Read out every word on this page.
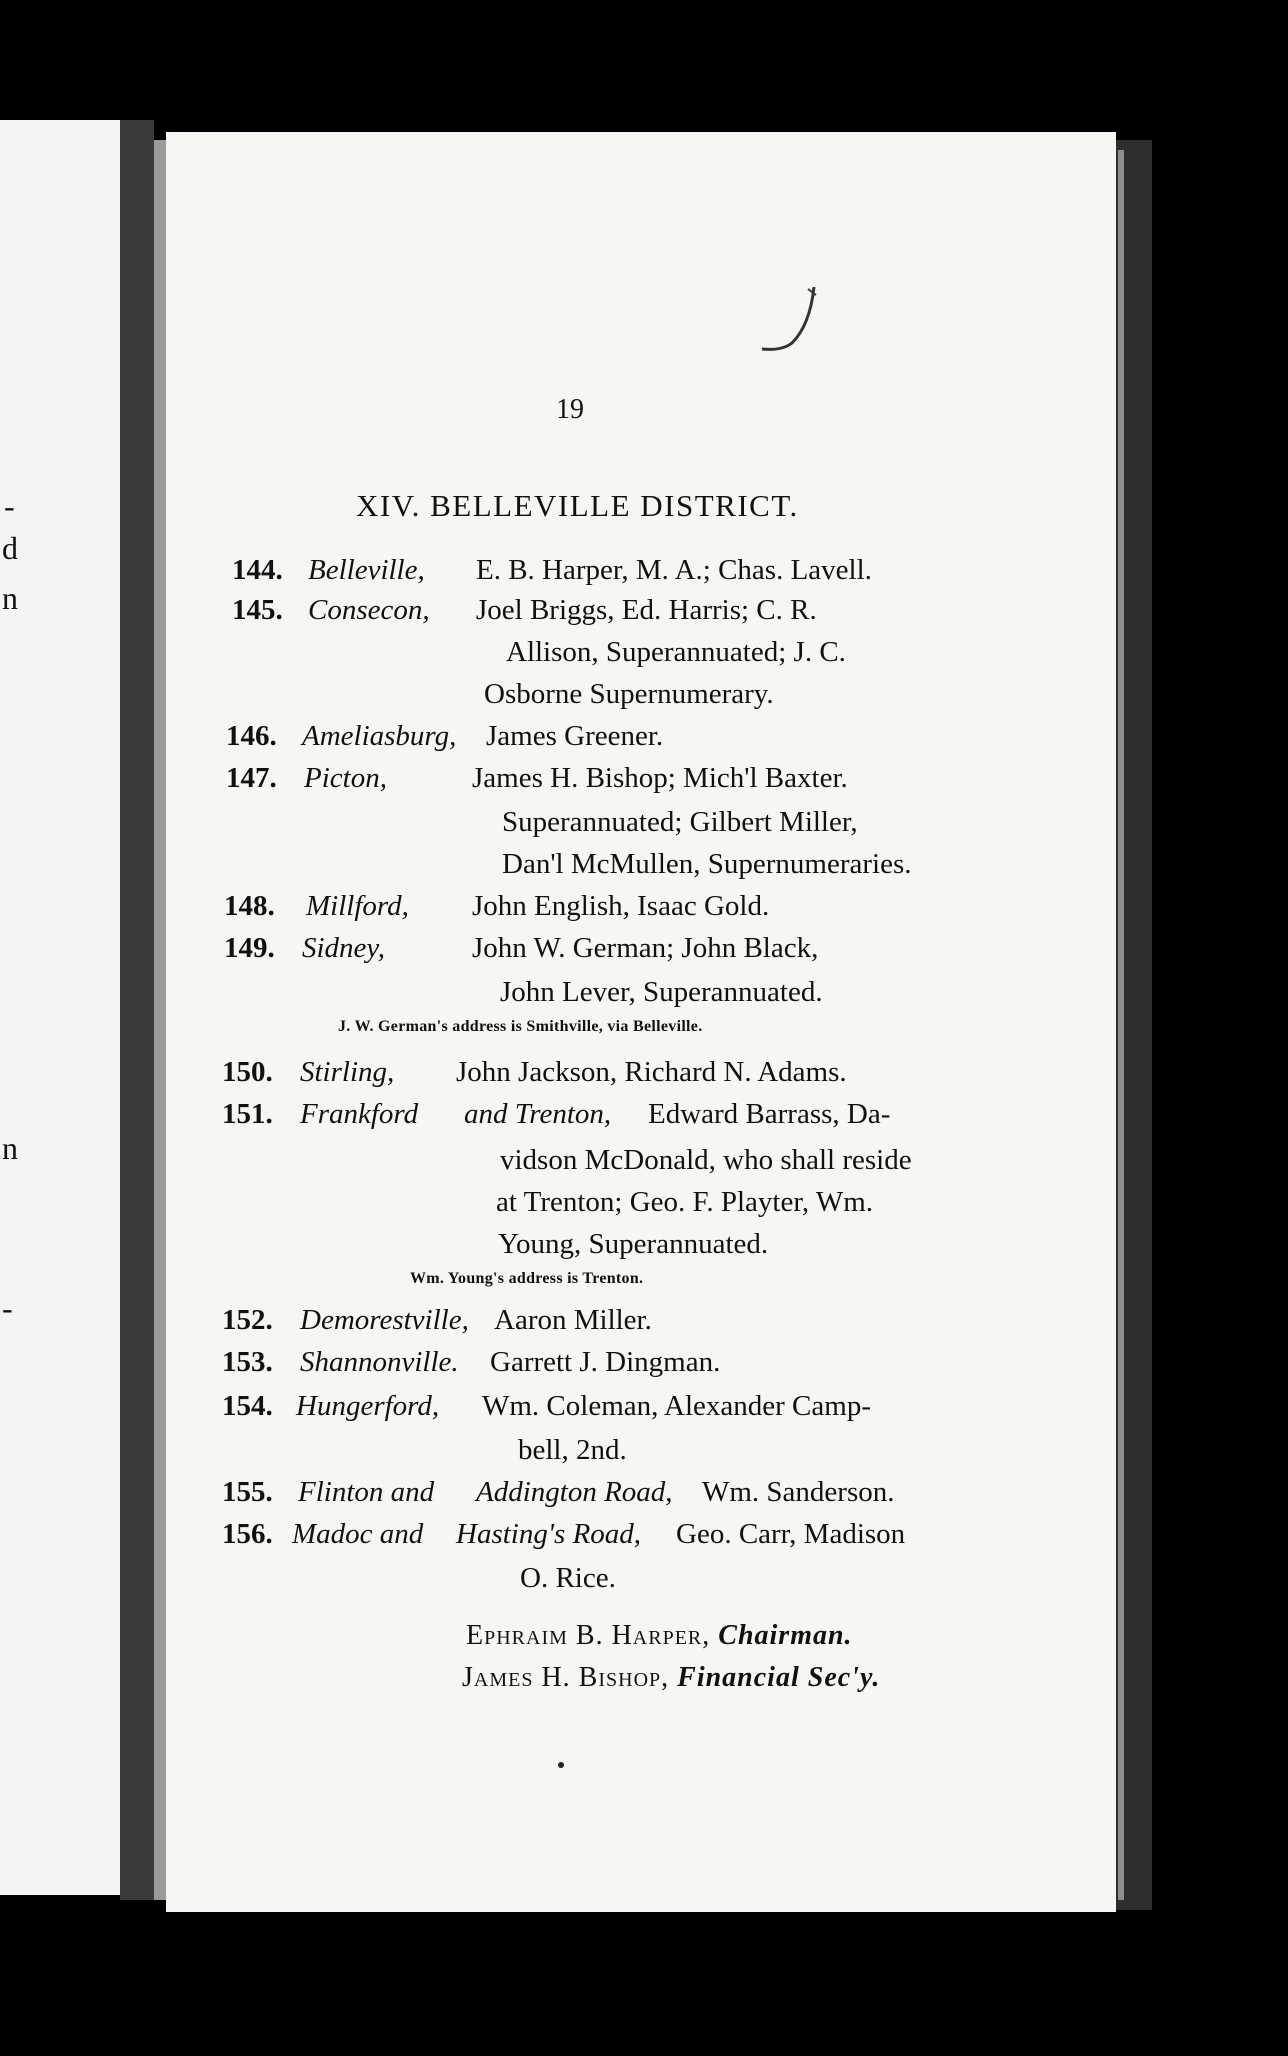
-
d
n
n
-
19
XIV. BELLEVILLE DISTRICT.
144. Belleville, E. B. Harper, M. A.; Chas. Lavell.
145. Consecon, Joel Briggs, Ed. Harris; C. R.
Allison, Superannuated; J. C.
Osborne Supernumerary.
146. Ameliasburg, James Greener.
147. Picton,	James H. Bishop; Mich'l Baxter.
Superannuated; Gilbert Miller,
Dan'l McMullen, Supernumeraries.
148. Millford, John English, Isaac Gold.
149. Sidney,	John W. German; John Black,
John Lever, Superannuated.
J. W. German's address is Smithville, via Belleville.
150. Stirling, John Jackson, Richard N. Adams.
151. Frankford and Trenton, Edward Barrass, Da-
vidson McDonald, who shall reside
at Trenton; Geo. F. Playter, Wm.
Young, Superannuated.
Wm. Young's address is Trenton.
152. Demorestville, Aaron Miller.
153. Shannonville. Garrett J. Dingman.
154. Hungerford, Wm. Coleman, Alexander Camp-
bell, 2nd.
155. Flinton and Addington Road, Wm. Sanderson.
156. Madoc and Hasting's Road, Geo. Carr, Madison
O. Rice.
Ephraim B. Harper, Chairman.
James H. Bishop, Financial Sec'y.
